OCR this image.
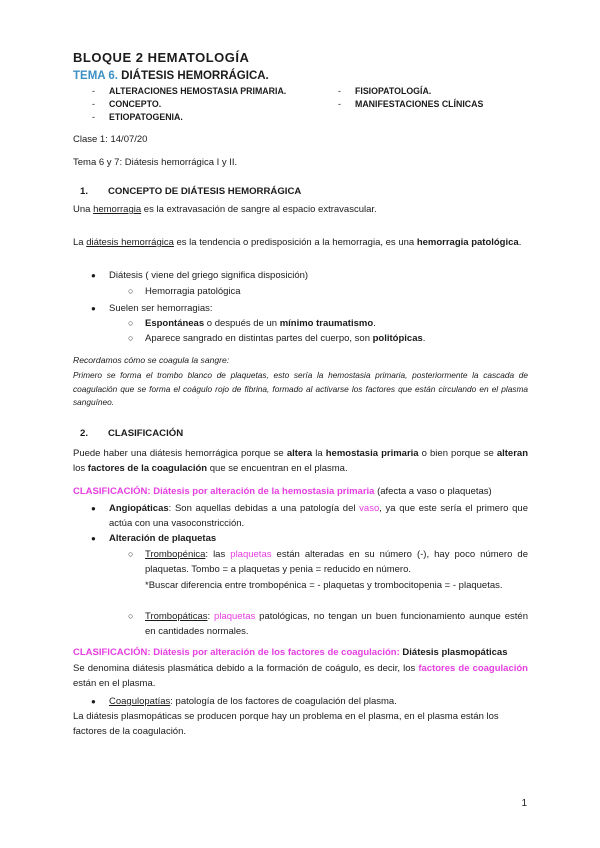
BLOQUE 2 HEMATOLOGÍA
TEMA 6. DIÁTESIS HEMORRÁGICA.
- ALTERACIONES HEMOSTASIA PRIMARIA.
- CONCEPTO.
- ETIOPATOGENIA.
- FISIOPATOLOGÍA.
- MANIFESTACIONES CLÍNICAS
Clase 1: 14/07/20
Tema 6 y 7: Diátesis hemorrágica I y II.
1. CONCEPTO DE DIÁTESIS HEMORRÁGICA

Una hemorragia es la extravasación de sangre al espacio extravascular.

La diátesis hemorrágica es la tendencia o predisposición a la hemorragia, es una hemorragia patológica.

● Diátesis ( viene del griego significa disposición)
○ Hemorragia patológica
● Suelen ser hemorragias:
○ Espontáneas o después de un mínimo traumatismo.
○ Aparece sangrado en distintas partes del cuerpo, son politópicas.

Recordamos cómo se coagula la sangre:

Primero se forma el trombo blanco de plaquetas, esto sería la hemostasia primaria, posteriormente la cascada de coagulación que se forma el coágulo rojo de fibrina, formado al activarse los factores que están circulando en el plasma sanguíneo.

2. CLASIFICACIÓN

Puede haber una diátesis hemorrágica porque se altera la hemostasia primaria o bien porque se alteran los factores de la coagulación que se encuentran en el plasma.

CLASIFICACIÓN: Diátesis por alteración de la hemostasia primaria (afecta a vaso o plaquetas)

● Angiopáticas: Son aquellas debidas a una patología del vaso, ya que este sería el primero que actúa con una vasoconstricción.
● Alteración de plaquetas
○ Trombopénica: las plaquetas están alteradas en su número (-), hay poco número de plaquetas. Tombo = a plaquetas y penia = reducido en número.

*Buscar diferencia entre trombopénica = - plaquetas y trombocitopenia = - plaquetas.

○ Trombopáticas: plaquetas patológicas, no tengan un buen funcionamiento aunque estén en cantidades normales.

CLASIFICACIÓN: Diátesis por alteración de los factores de coagulación: Diátesis plasmopáticas

Se denomina diátesis plasmática debido a la formación de coágulo, es decir, los factores de coagulación están en el plasma.

● Coagulopatías: patología de los factores de coagulación del plasma.

La diátesis plasmopáticas se producen porque hay un problema en el plasma, en el plasma están los factores de la coagulación.

1
